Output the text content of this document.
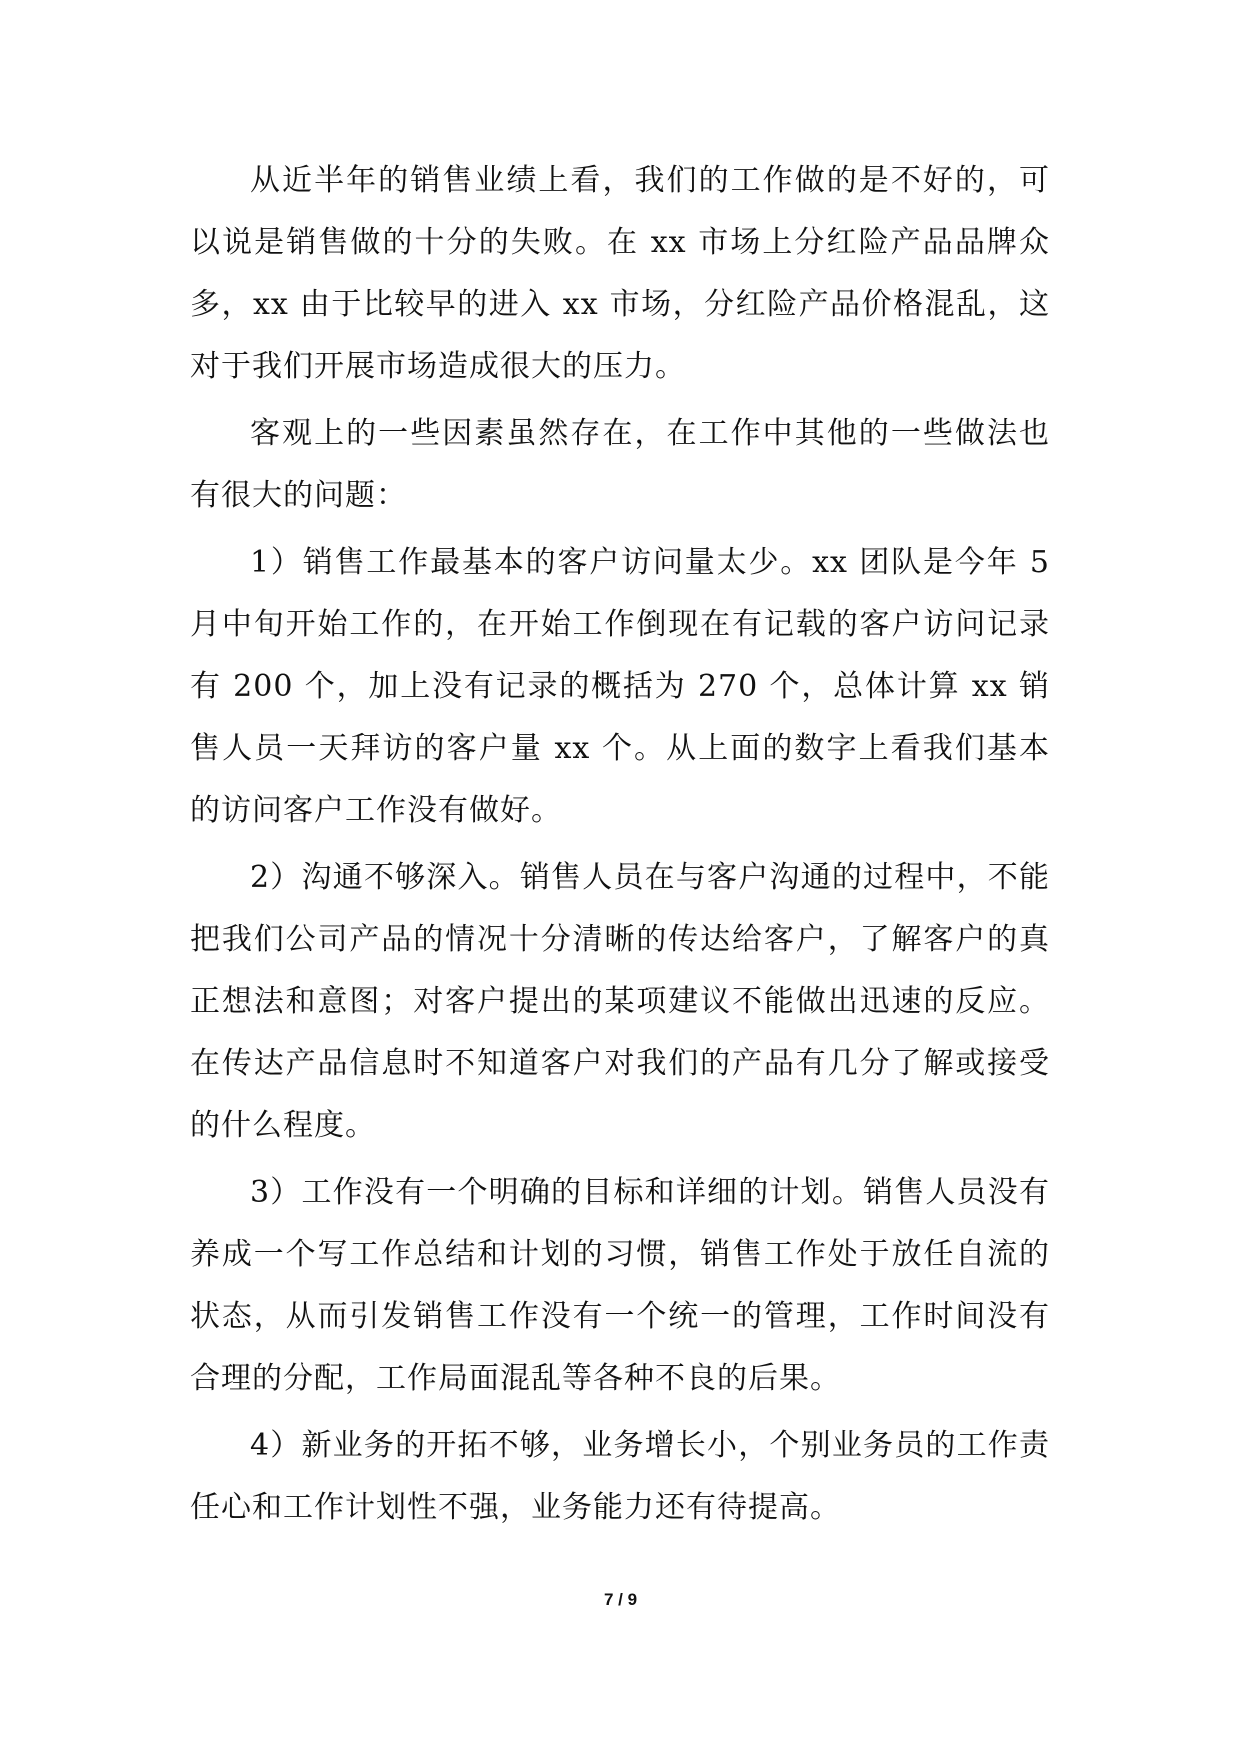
从近半年的销售业绩上看，我们的工作做的是不好的，可以说是销售做的十分的失败。在 xx 市场上分红险产品品牌众多，xx 由于比较早的进入 xx 市场，分红险产品价格混乱，这对于我们开展市场造成很大的压力。

客观上的一些因素虽然存在，在工作中其他的一些做法也有很大的问题：

1）销售工作最基本的客户访问量太少。xx 团队是今年 5 月中旬开始工作的，在开始工作倒现在有记载的客户访问记录有 200 个，加上没有记录的概括为 270 个，总体计算 xx 销售人员一天拜访的客户量 xx 个。从上面的数字上看我们基本的访问客户工作没有做好。

2）沟通不够深入。销售人员在与客户沟通的过程中，不能把我们公司产品的情况十分清晰的传达给客户，了解客户的真正想法和意图；对客户提出的某项建议不能做出迅速的反应。在传达产品信息时不知道客户对我们的产品有几分了解或接受的什么程度。

3）工作没有一个明确的目标和详细的计划。销售人员没有养成一个写工作总结和计划的习惯，销售工作处于放任自流的状态，从而引发销售工作没有一个统一的管理，工作时间没有合理的分配，工作局面混乱等各种不良的后果。

4）新业务的开拓不够，业务增长小，个别业务员的工作责任心和工作计划性不强，业务能力还有待提高。

7 / 9
